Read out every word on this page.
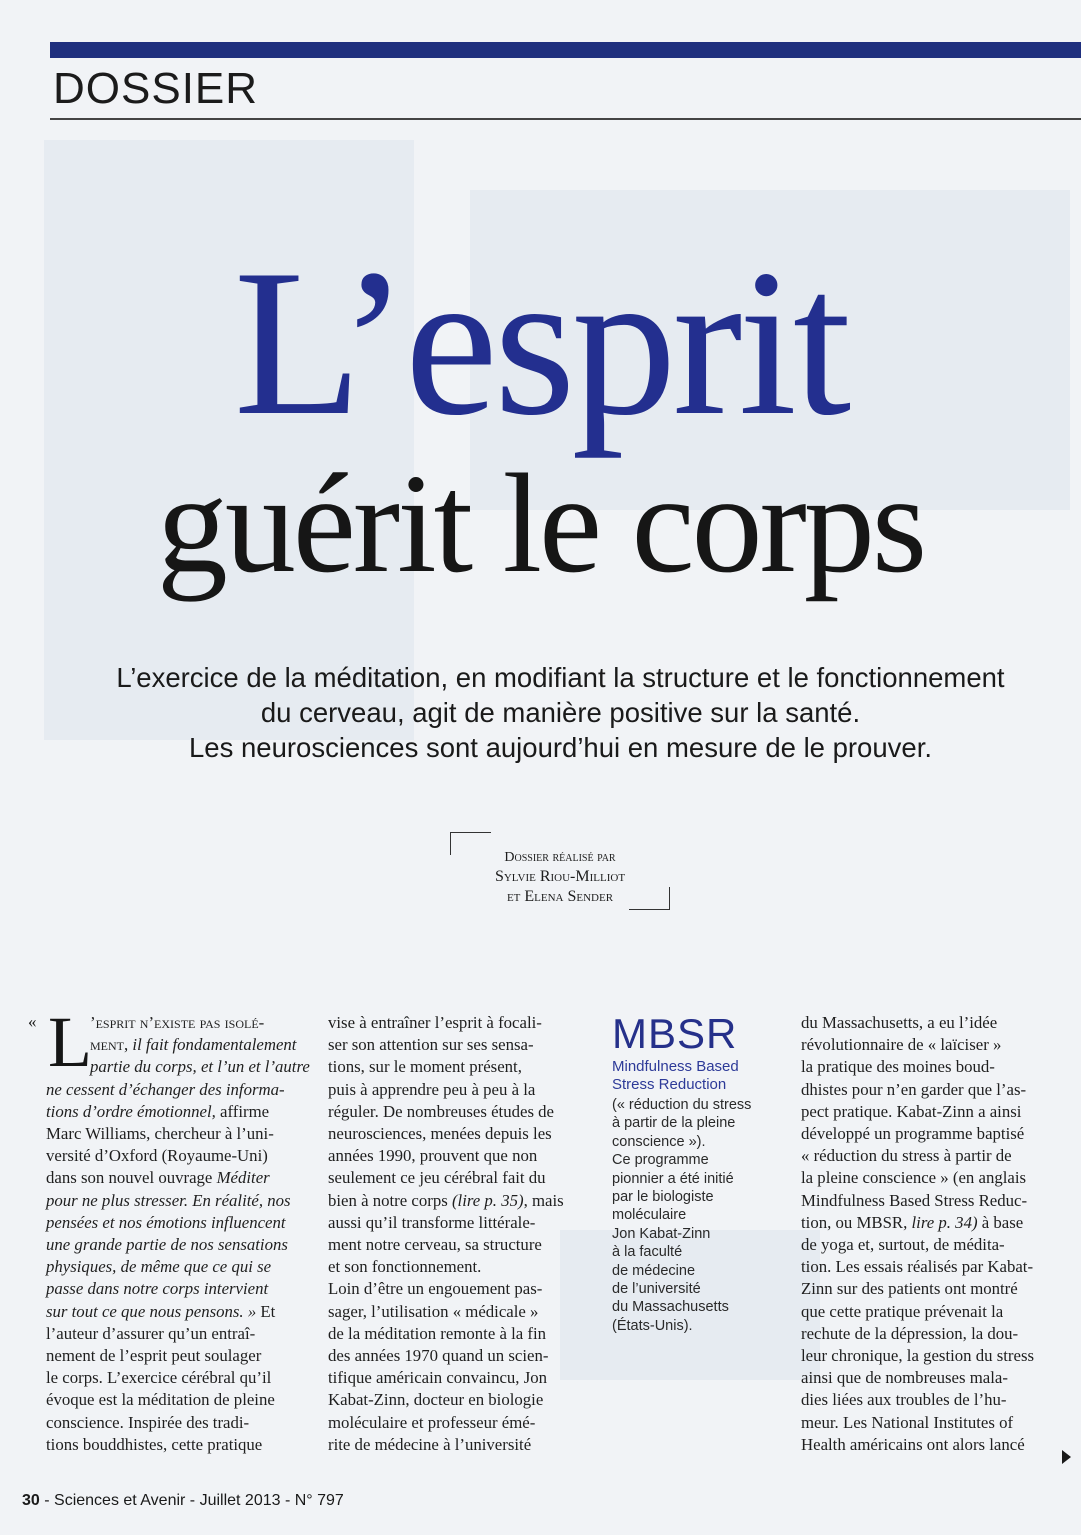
DOSSIER
L’esprit
guérit le corps
L’exercice de la méditation, en modifiant la structure et le fonctionnement
du cerveau, agit de manière positive sur la santé.
Les neurosciences sont aujourd’hui en mesure de le prouver.
Dossier réalisé par
Sylvie Riou-Milliot
et Elena Sender
« L
’esprit n’existe pas isolé-
ment, il fait fondamentalement
partie du corps, et l’un et l’autre
ne cessent d’échanger des informa-
tions d’ordre émotionnel, affirme
Marc Williams, chercheur à l’uni-
versité d’Oxford (Royaume-Uni)
dans son nouvel ouvrage Méditer
pour ne plus stresser. En réalité, nos
pensées et nos émotions influencent
une grande partie de nos sensations
physiques, de même que ce qui se
passe dans notre corps intervient
sur tout ce que nous pensons. » Et
l’auteur d’assurer qu’un entraî-
nement de l’esprit peut soulager
le corps. L’exercice cérébral qu’il
évoque est la méditation de pleine
conscience. Inspirée des tradi-
tions bouddhistes, cette pratique
vise à entraîner l’esprit à focali-
ser son attention sur ses sensa-
tions, sur le moment présent,
puis à apprendre peu à peu à la
réguler. De nombreuses études de
neurosciences, menées depuis les
années 1990, prouvent que non
seulement ce jeu cérébral fait du
bien à notre corps (lire p. 35), mais
aussi qu’il transforme littérale-
ment notre cerveau, sa structure
et son fonctionnement.
Loin d’être un engouement pas-
sager, l’utilisation « médicale »
de la méditation remonte à la fin
des années 1970 quand un scien-
tifique américain convaincu, Jon
Kabat-Zinn, docteur en biologie
moléculaire et professeur émé-
rite de médecine à l’université
MBSR
Mindfulness Based
Stress Reduction
(« réduction du stress
à partir de la pleine
conscience »).
Ce programme
pionnier a été initié
par le biologiste
moléculaire
Jon Kabat-Zinn
à la faculté
de médecine
de l’université
du Massachusetts
(États-Unis).
du Massachusetts, a eu l’idée
révolutionnaire de « laïciser »
la pratique des moines boud-
dhistes pour n’en garder que l’as-
pect pratique. Kabat-Zinn a ainsi
développé un programme baptisé
« réduction du stress à partir de
la pleine conscience » (en anglais
Mindfulness Based Stress Reduc-
tion, ou MBSR, lire p. 34) à base
de yoga et, surtout, de médita-
tion. Les essais réalisés par Kabat-
Zinn sur des patients ont montré
que cette pratique prévenait la
rechute de la dépression, la dou-
leur chronique, la gestion du stress
ainsi que de nombreuses mala-
dies liées aux troubles de l’hu-
meur. Les National Institutes of
Health américains ont alors lancé
30 - Sciences et Avenir - Juillet 2013 - N° 797
